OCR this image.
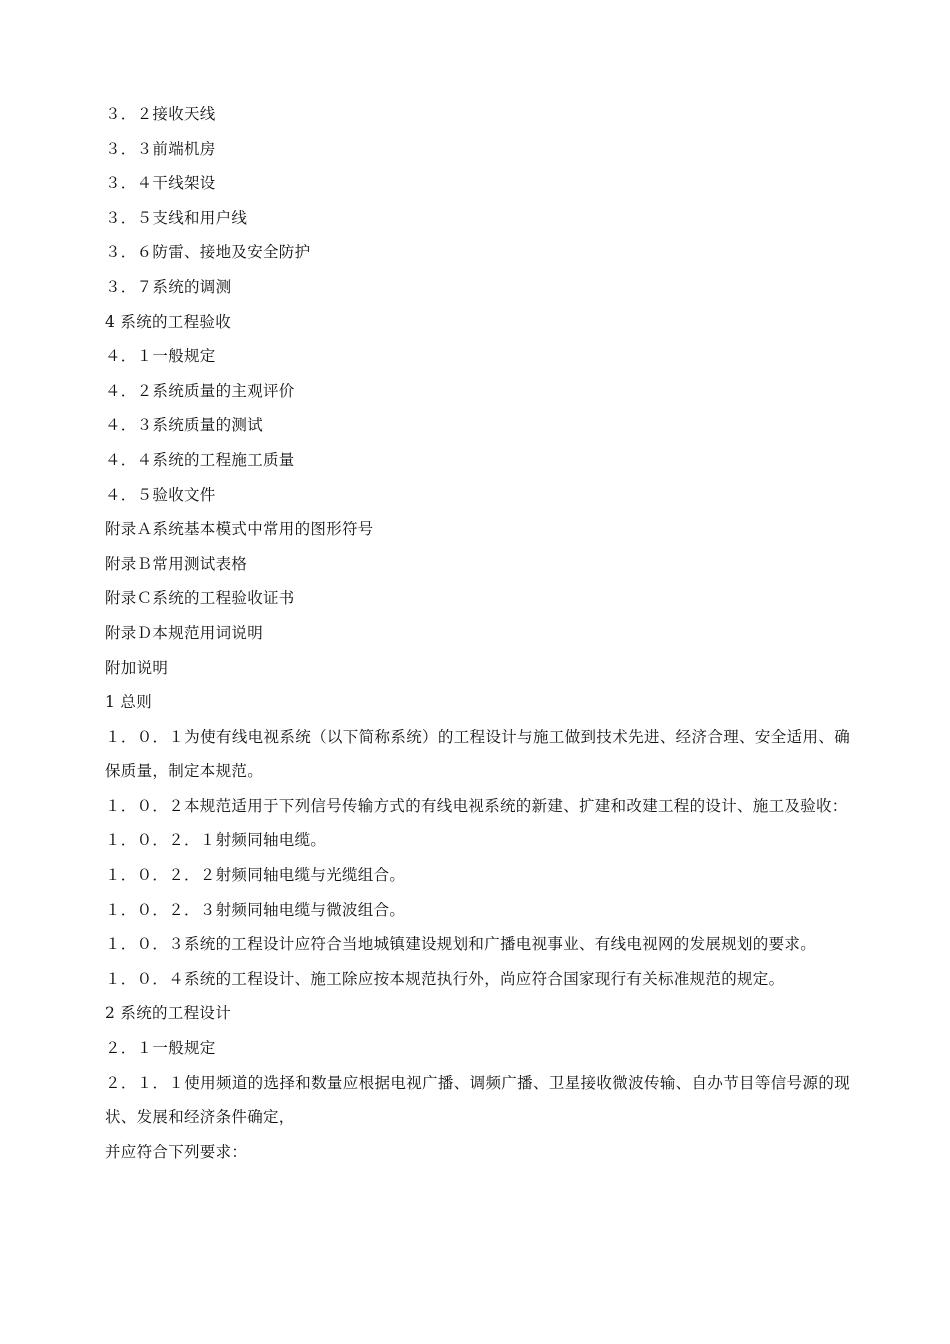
３．２接收天线
３．３前端机房
３．４干线架设
３．５支线和用户线
３．６防雷、接地及安全防护
３．７系统的调测
4 系统的工程验收
４．１一般规定
４．２系统质量的主观评价
４．３系统质量的测试
４．４系统的工程施工质量
４．５验收文件
附录Ａ系统基本模式中常用的图形符号
附录Ｂ常用测试表格
附录Ｃ系统的工程验收证书
附录Ｄ本规范用词说明
附加说明
1 总则
１．０．１为使有线电视系统（以下简称系统）的工程设计与施工做到技术先进、经济合理、安全适用、确保质量，制定本规范。
１．０．２本规范适用于下列信号传输方式的有线电视系统的新建、扩建和改建工程的设计、施工及验收：
１．０．２．１射频同轴电缆。
１．０．２．２射频同轴电缆与光缆组合。
１．０．２．３射频同轴电缆与微波组合。
１．０．３系统的工程设计应符合当地城镇建设规划和广播电视事业、有线电视网的发展规划的要求。
１．０．４系统的工程设计、施工除应按本规范执行外，尚应符合国家现行有关标准规范的规定。
2 系统的工程设计
２．１一般规定
２．１．１使用频道的选择和数量应根据电视广播、调频广播、卫星接收微波传输、自办节目等信号源的现状、发展和经济条件确定，
并应符合下列要求：
